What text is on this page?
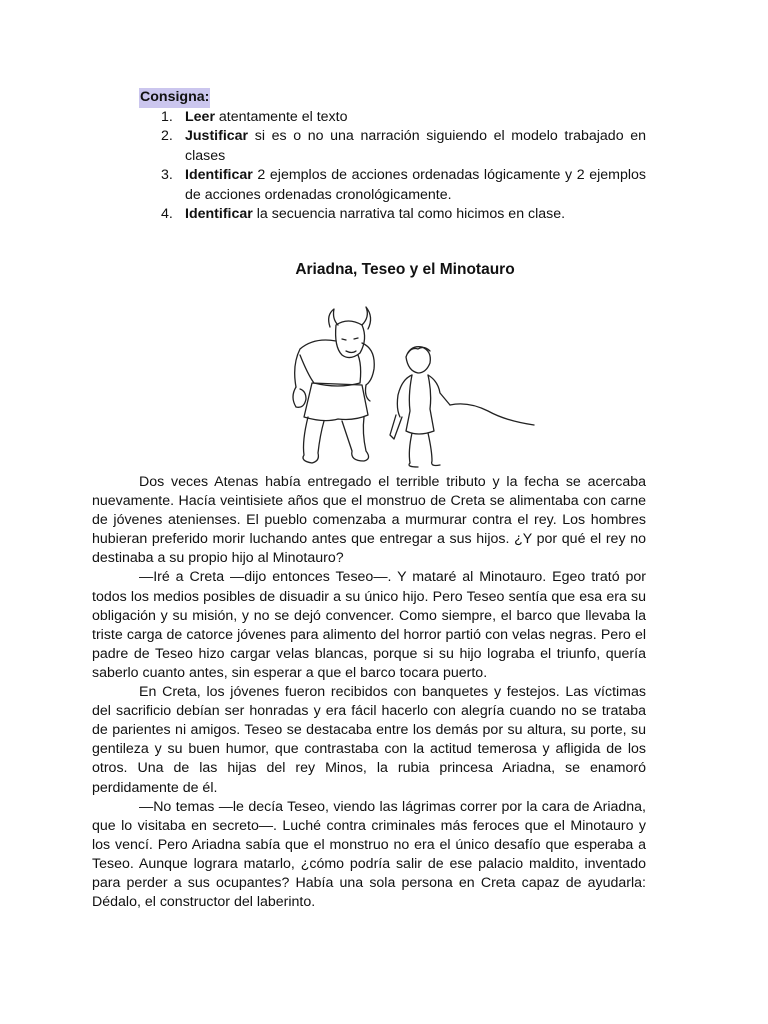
Consigna:
1. Leer atentamente el texto
2. Justificar si es o no una narración siguiendo el modelo trabajado en clases
3. Identificar 2 ejemplos de acciones ordenadas lógicamente y 2 ejemplos de acciones ordenadas cronológicamente.
4. Identificar la secuencia narrativa tal como hicimos en clase.
Ariadna, Teseo y el Minotauro

Dos veces Atenas había entregado el terrible tributo y la fecha se acercaba nuevamente. Hacía veintisiete años que el monstruo de Creta se alimentaba con carne de jóvenes atenienses. El pueblo comenzaba a murmurar contra el rey. Los hombres hubieran preferido morir luchando antes que entregar a sus hijos. ¿Y por qué el rey no destinaba a su propio hijo al Minotauro?

—Iré a Creta —dijo entonces Teseo—. Y mataré al Minotauro. Egeo trató por todos los medios posibles de disuadir a su único hijo. Pero Teseo sentía que esa era su obligación y su misión, y no se dejó convencer. Como siempre, el barco que llevaba la triste carga de catorce jóvenes para alimento del horror partió con velas negras. Pero el padre de Teseo hizo cargar velas blancas, porque si su hijo lograba el triunfo, quería saberlo cuanto antes, sin esperar a que el barco tocara puerto.

En Creta, los jóvenes fueron recibidos con banquetes y festejos. Las víctimas del sacrificio debían ser honradas y era fácil hacerlo con alegría cuando no se trataba de parientes ni amigos. Teseo se destacaba entre los demás por su altura, su porte, su gentileza y su buen humor, que contrastaba con la actitud temerosa y afligida de los otros. Una de las hijas del rey Minos, la rubia princesa Ariadna, se enamoró perdidamente de él.

—No temas —le decía Teseo, viendo las lágrimas correr por la cara de Ariadna, que lo visitaba en secreto—. Luché contra criminales más feroces que el Minotauro y los vencí. Pero Ariadna sabía que el monstruo no era el único desafío que esperaba a Teseo. Aunque lograra matarlo, ¿cómo podría salir de ese palacio maldito, inventado para perder a sus ocupantes? Había una sola persona en Creta capaz de ayudarla: Dédalo, el constructor del laberinto.
